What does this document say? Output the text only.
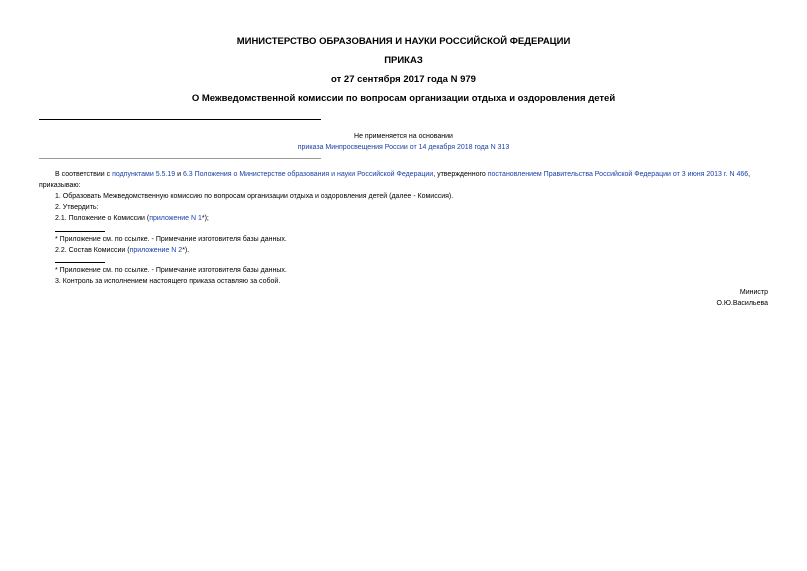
МИНИСТЕРСТВО ОБРАЗОВАНИЯ И НАУКИ РОССИЙСКОЙ ФЕДЕРАЦИИ
ПРИКАЗ
от 27 сентября 2017 года N 979
О Межведомственной комиссии по вопросам организации отдыха и оздоровления детей
Не применяется на основании
приказа Минпросвещения России от 14 декабря 2018 года N 313
В соответствии с подпунктами 5.5.19 и 6.3 Положения о Министерстве образования и науки Российской Федерации, утвержденного постановлением Правительства Российской Федерации от 3 июня 2013 г. N 466,
приказываю:
1. Образовать Межведомственную комиссию по вопросам организации отдыха и оздоровления детей (далее - Комиссия).
2. Утвердить:
2.1. Положение о Комиссии (приложение N 1*);
* Приложение см. по ссылке. - Примечание изготовителя базы данных.
2.2. Состав Комиссии (приложение N 2*).
* Приложение см. по ссылке. - Примечание изготовителя базы данных.
3. Контроль за исполнением настоящего приказа оставляю за собой.
Министр
О.Ю.Васильева
